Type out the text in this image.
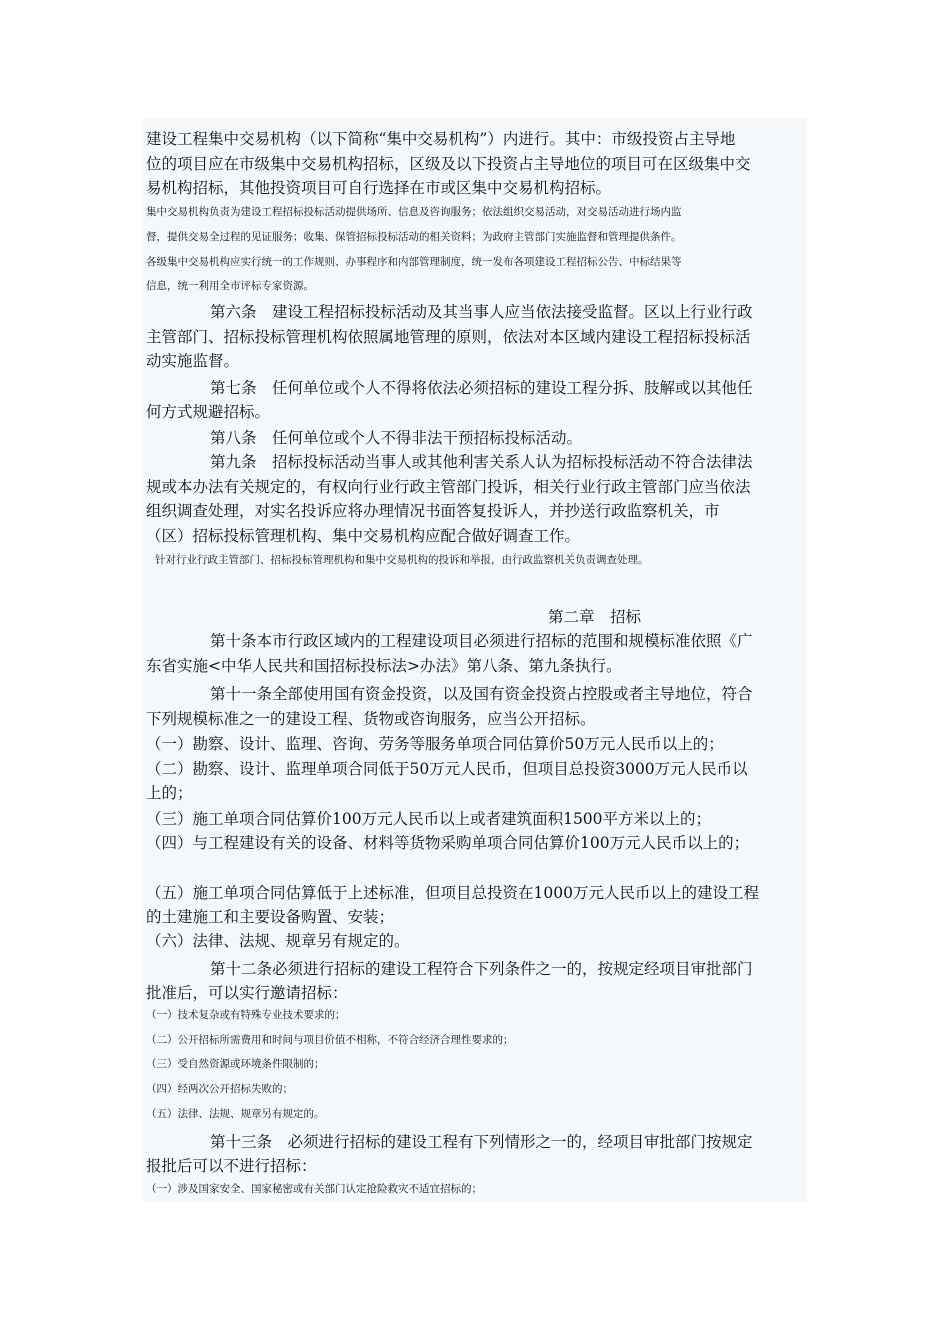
建设工程集中交易机构（以下简称“集中交易机构”）内进行。其中：市级投资占主导地
位的项目应在市级集中交易机构招标，区级及以下投资占主导地位的项目可在区级集中交
易机构招标，其他投资项目可自行选择在市或区集中交易机构招标。
集中交易机构负责为建设工程招标投标活动提供场所、信息及咨询服务；依法组织交易活动，对交易活动进行场内监
督，提供交易全过程的见证服务；收集、保管招标投标活动的相关资料；为政府主管部门实施监督和管理提供条件。
各级集中交易机构应实行统一的工作规则、办事程序和内部管理制度，统一发布各项建设工程招标公告、中标结果等
信息，统一利用全市评标专家资源。
第六条　建设工程招标投标活动及其当事人应当依法接受监督。区以上行业行政
主管部门、招标投标管理机构依照属地管理的原则，依法对本区域内建设工程招标投标活
动实施监督。
第七条　任何单位或个人不得将依法必须招标的建设工程分拆、肢解或以其他任
何方式规避招标。
第八条　任何单位或个人不得非法干预招标投标活动。
第九条　招标投标活动当事人或其他利害关系人认为招标投标活动不符合法律法
规或本办法有关规定的，有权向行业行政主管部门投诉，相关行业行政主管部门应当依法
组织调查处理，对实名投诉应将办理情况书面答复投诉人，并抄送行政监察机关，市
（区）招标投标管理机构、集中交易机构应配合做好调查工作。
针对行业行政主管部门、招标投标管理机构和集中交易机构的投诉和举报，由行政监察机关负责调查处理。
第二章　招标
第十条本市行政区域内的工程建设项目必须进行招标的范围和规模标准依照《广
东省实施<中华人民共和国招标投标法>办法》第八条、第九条执行。
第十一条全部使用国有资金投资，以及国有资金投资占控股或者主导地位，符合
下列规模标准之一的建设工程、货物或咨询服务，应当公开招标。
（一）勘察、设计、监理、咨询、劳务等服务单项合同估算价50万元人民币以上的；
（二）勘察、设计、监理单项合同低于50万元人民币，但项目总投资3000万元人民币以
上的；
（三）施工单项合同估算价100万元人民币以上或者建筑面积1500平方米以上的；
（四）与工程建设有关的设备、材料等货物采购单项合同估算价100万元人民币以上的；
（五）施工单项合同估算低于上述标准，但项目总投资在1000万元人民币以上的建设工程
的土建施工和主要设备购置、安装；
（六）法律、法规、规章另有规定的。
第十二条必须进行招标的建设工程符合下列条件之一的，按规定经项目审批部门
批准后，可以实行邀请招标：
（一）技术复杂或有特殊专业技术要求的；
（二）公开招标所需费用和时间与项目价值不相称，不符合经济合理性要求的；
（三）受自然资源或环境条件限制的；
（四）经两次公开招标失败的；
（五）法律、法规、规章另有规定的。
第十三条　必须进行招标的建设工程有下列情形之一的，经项目审批部门按规定
报批后可以不进行招标：
（一）涉及国家安全、国家秘密或有关部门认定抢险救灾不适宜招标的；
